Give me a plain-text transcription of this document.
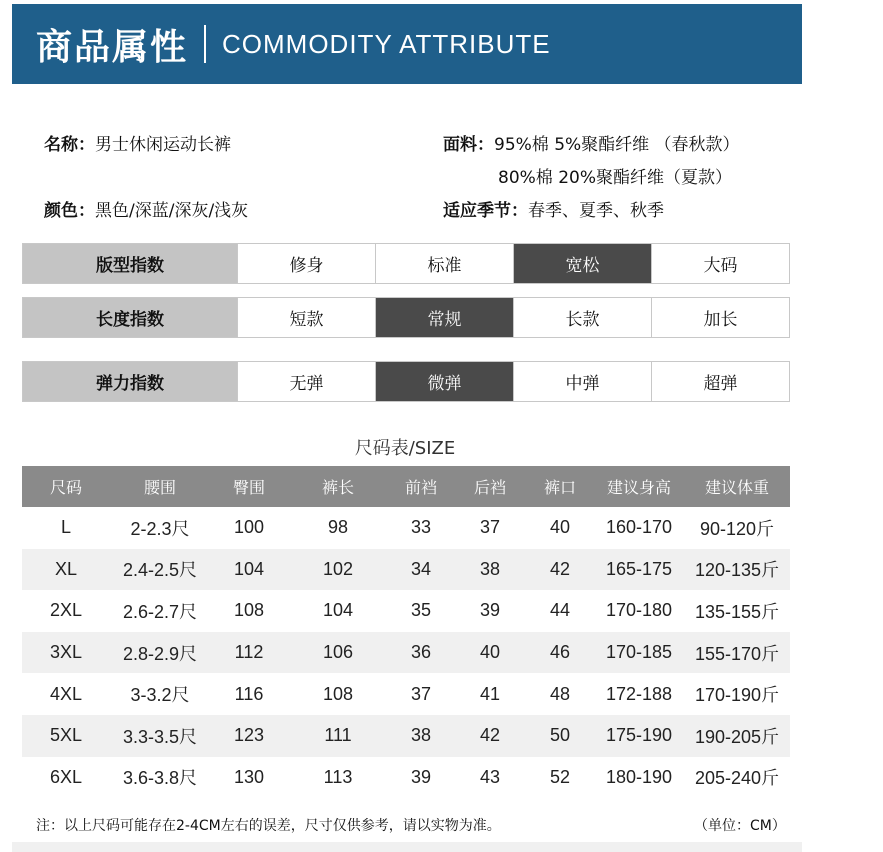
商品属性 COMMODITY ATTRIBUTE
名称：男士休闲运动长裤	面料：95%棉 5%聚酯纤维 （春秋款）
80%棉 20%聚酯纤维（夏款）
颜色：黑色/深蓝/深灰/浅灰	适应季节：春季、夏季、秋季
版型指数	修身	标准	宽松	大码
长度指数	短款	常规	长款	加长
弹力指数	无弹	微弹	中弹	超弹
尺码表/SIZE
尺码	腰围	臀围	裤长	前裆	后裆	裤口	建议身高	建议体重
L	2-2.3尺	100	98	33	37	40	160-170	90-120斤
XL	2.4-2.5尺	104	102	34	38	42	165-175	120-135斤
2XL	2.6-2.7尺	108	104	35	39	44	170-180	135-155斤
3XL	2.8-2.9尺	112	106	36	40	46	170-185	155-170斤
4XL	3-3.2尺	116	108	37	41	48	172-188	170-190斤
5XL	3.3-3.5尺	123	111	38	42	50	175-190	190-205斤
6XL	3.6-3.8尺	130	113	39	43	52	180-190	205-240斤
注：以上尺码可能存在2-4CM左右的误差，尺寸仅供参考，请以实物为准。	（单位：CM）
